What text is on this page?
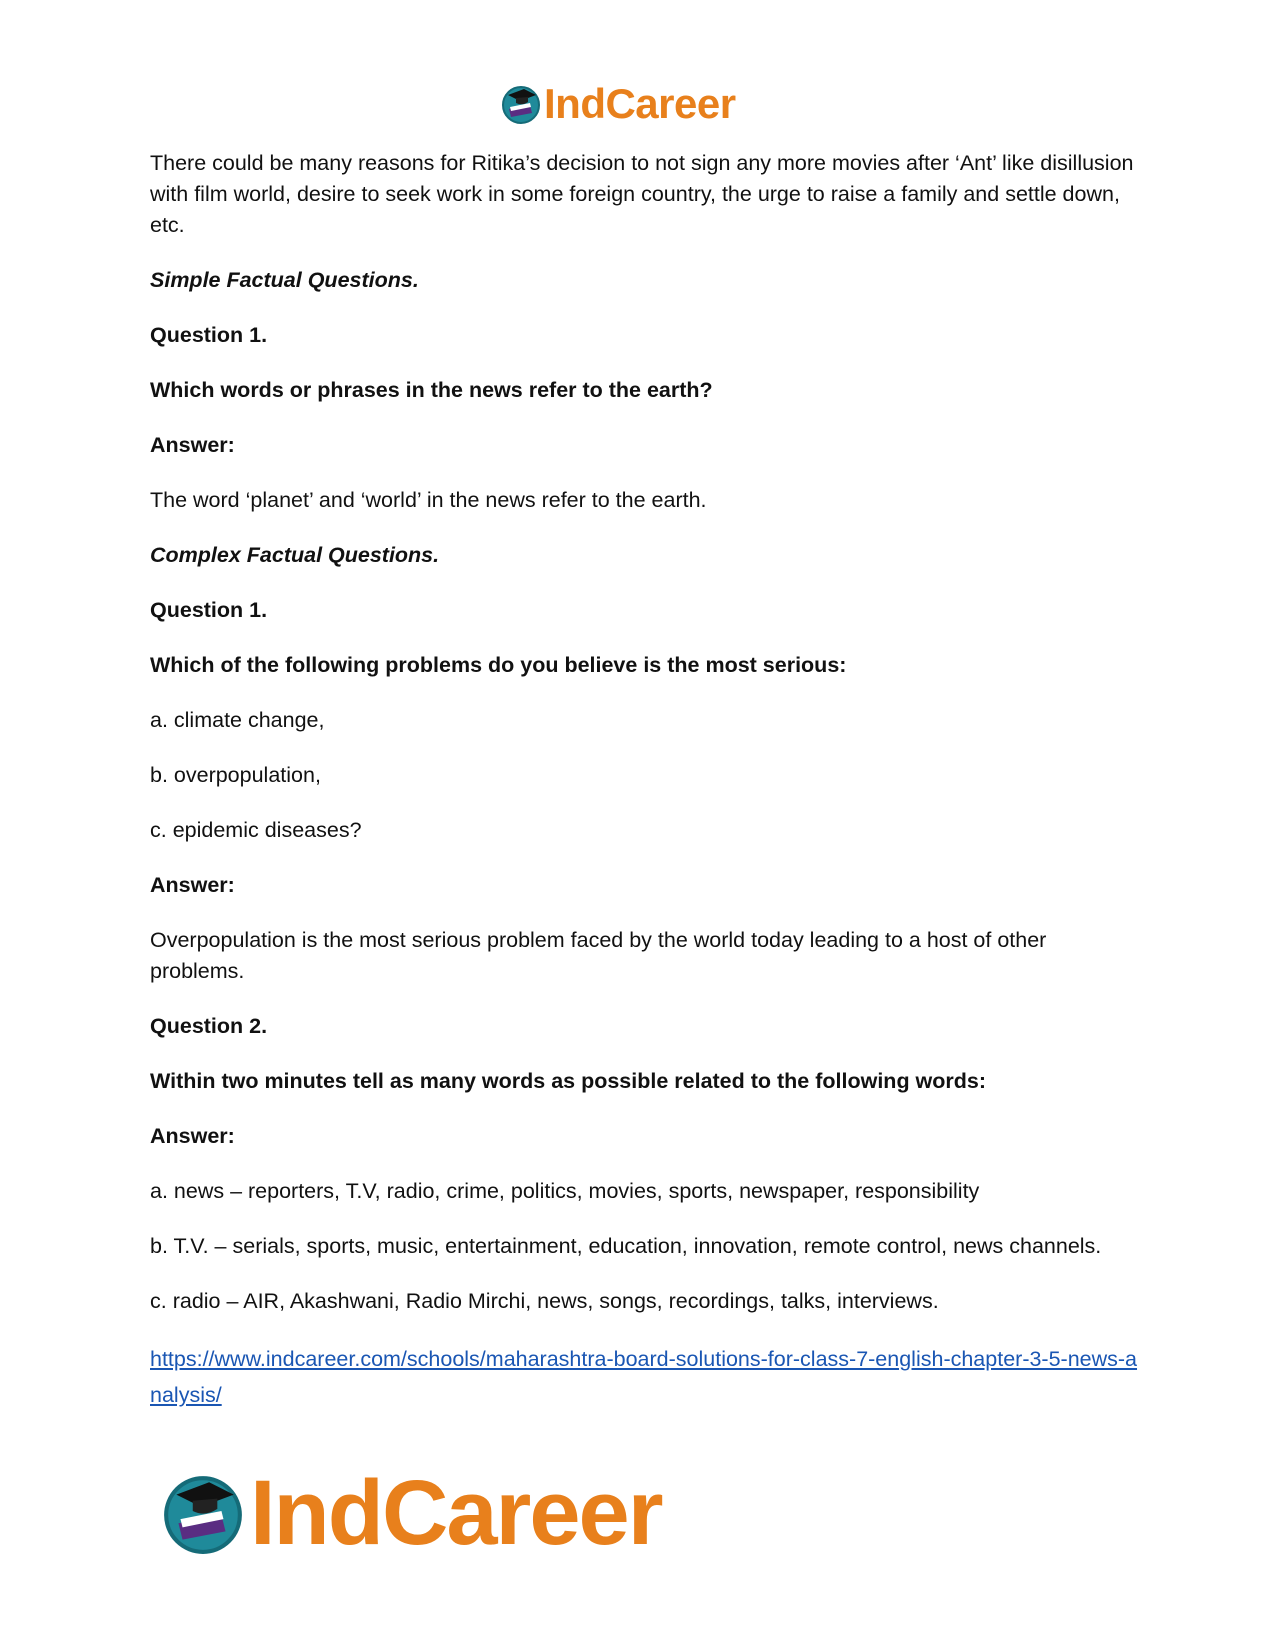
IndCareer

There could be many reasons for Ritika’s decision to not sign any more movies after ‘Ant’ like disillusion with film world, desire to seek work in some foreign country, the urge to raise a family and settle down, etc.

Simple Factual Questions.

Question 1.

Which words or phrases in the news refer to the earth?

Answer:

The word ‘planet’ and ‘world’ in the news refer to the earth.

Complex Factual Questions.

Question 1.

Which of the following problems do you believe is the most serious:

a. climate change,

b. overpopulation,

c. epidemic diseases?

Answer:

Overpopulation is the most serious problem faced by the world today leading to a host of other problems.

Question 2.

Within two minutes tell as many words as possible related to the following words:

Answer:

a. news – reporters, T.V, radio, crime, politics, movies, sports, newspaper, responsibility

b. T.V. – serials, sports, music, entertainment, education, innovation, remote control, news channels.

c. radio – AIR, Akashwani, Radio Mirchi, news, songs, recordings, talks, interviews.

https://www.indcareer.com/schools/maharashtra-board-solutions-for-class-7-english-chapter-3-5-news-analysis/
IndCareer
